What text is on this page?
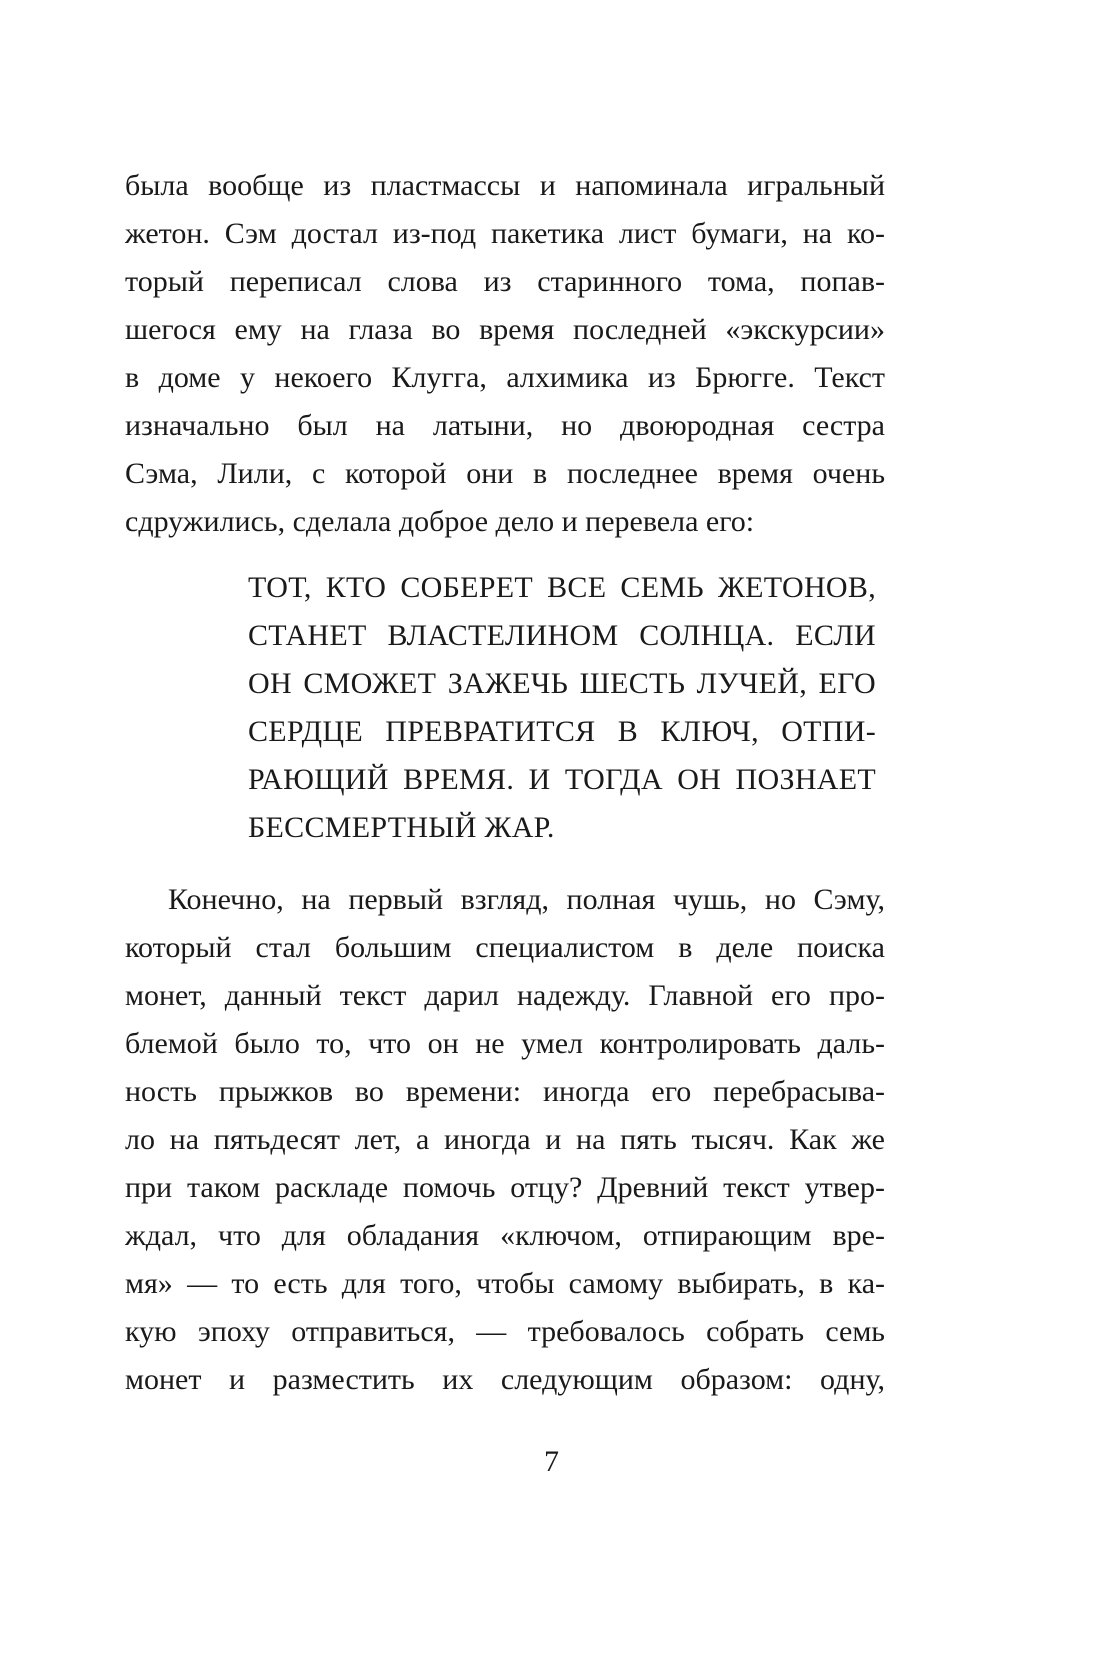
была вообще из пластмассы и напоминала игральный
жетон. Сэм достал из-под пакетика лист бумаги, на ко-
торый переписал слова из старинного тома, попав-
шегося ему на глаза во время последней «экскурсии»
в доме у некоего Клугга, алхимика из Брюгге. Текст
изначально был на латыни, но двоюродная сестра
Сэма, Лили, с которой они в последнее время очень
сдружились, сделала доброе дело и перевела его:
ТОТ, КТО СОБЕРЕТ ВСЕ СЕМЬ ЖЕТОНОВ,
СТАНЕТ ВЛАСТЕЛИНОМ СОЛНЦА. ЕСЛИ
ОН СМОЖЕТ ЗАЖЕЧЬ ШЕСТЬ ЛУЧЕЙ, ЕГО
СЕРДЦЕ ПРЕВРАТИТСЯ В КЛЮЧ, ОТПИ-
РАЮЩИЙ ВРЕМЯ. И ТОГДА ОН ПОЗНАЕТ
БЕССМЕРТНЫЙ ЖАР.
Конечно, на первый взгляд, полная чушь, но Сэму,
который стал большим специалистом в деле поиска
монет, данный текст дарил надежду. Главной его про-
блемой было то, что он не умел контролировать даль-
ность прыжков во времени: иногда его перебрасыва-
ло на пятьдесят лет, а иногда и на пять тысяч. Как же
при таком раскладе помочь отцу? Древний текст утвер-
ждал, что для обладания «ключом, отпирающим вре-
мя» — то есть для того, чтобы самому выбирать, в ка-
кую эпоху отправиться, — требовалось собрать семь
монет и разместить их следующим образом: одну,
7
